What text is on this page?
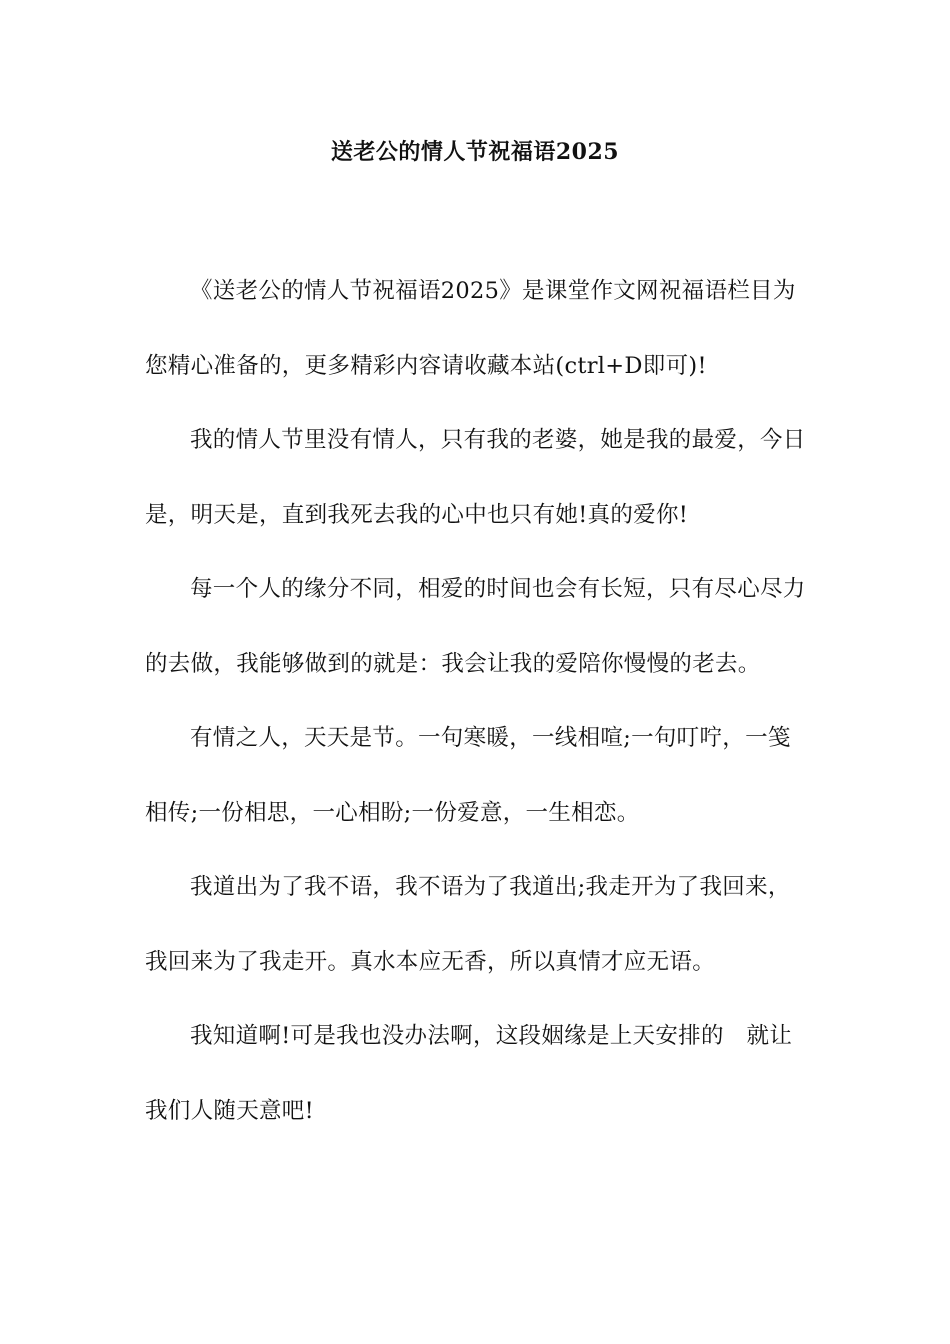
送老公的情人节祝福语2025

《送老公的情人节祝福语2025》是课堂作文网祝福语栏目为您精心准备的，更多精彩内容请收藏本站(ctrl+D即可)!

我的情人节里没有情人，只有我的老婆，她是我的最爱，今日是，明天是，直到我死去我的心中也只有她!真的爱你!

每一个人的缘分不同，相爱的时间也会有长短，只有尽心尽力的去做，我能够做到的就是：我会让我的爱陪你慢慢的老去。

有情之人，天天是节。一句寒暖，一线相喧;一句叮咛，一笺相传;一份相思，一心相盼;一份爱意，一生相恋。

我道出为了我不语，我不语为了我道出;我走开为了我回来，我回来为了我走开。真水本应无香，所以真情才应无语。

我知道啊!可是我也没办法啊，这段姻缘是上天安排的　就让我们人随天意吧!
